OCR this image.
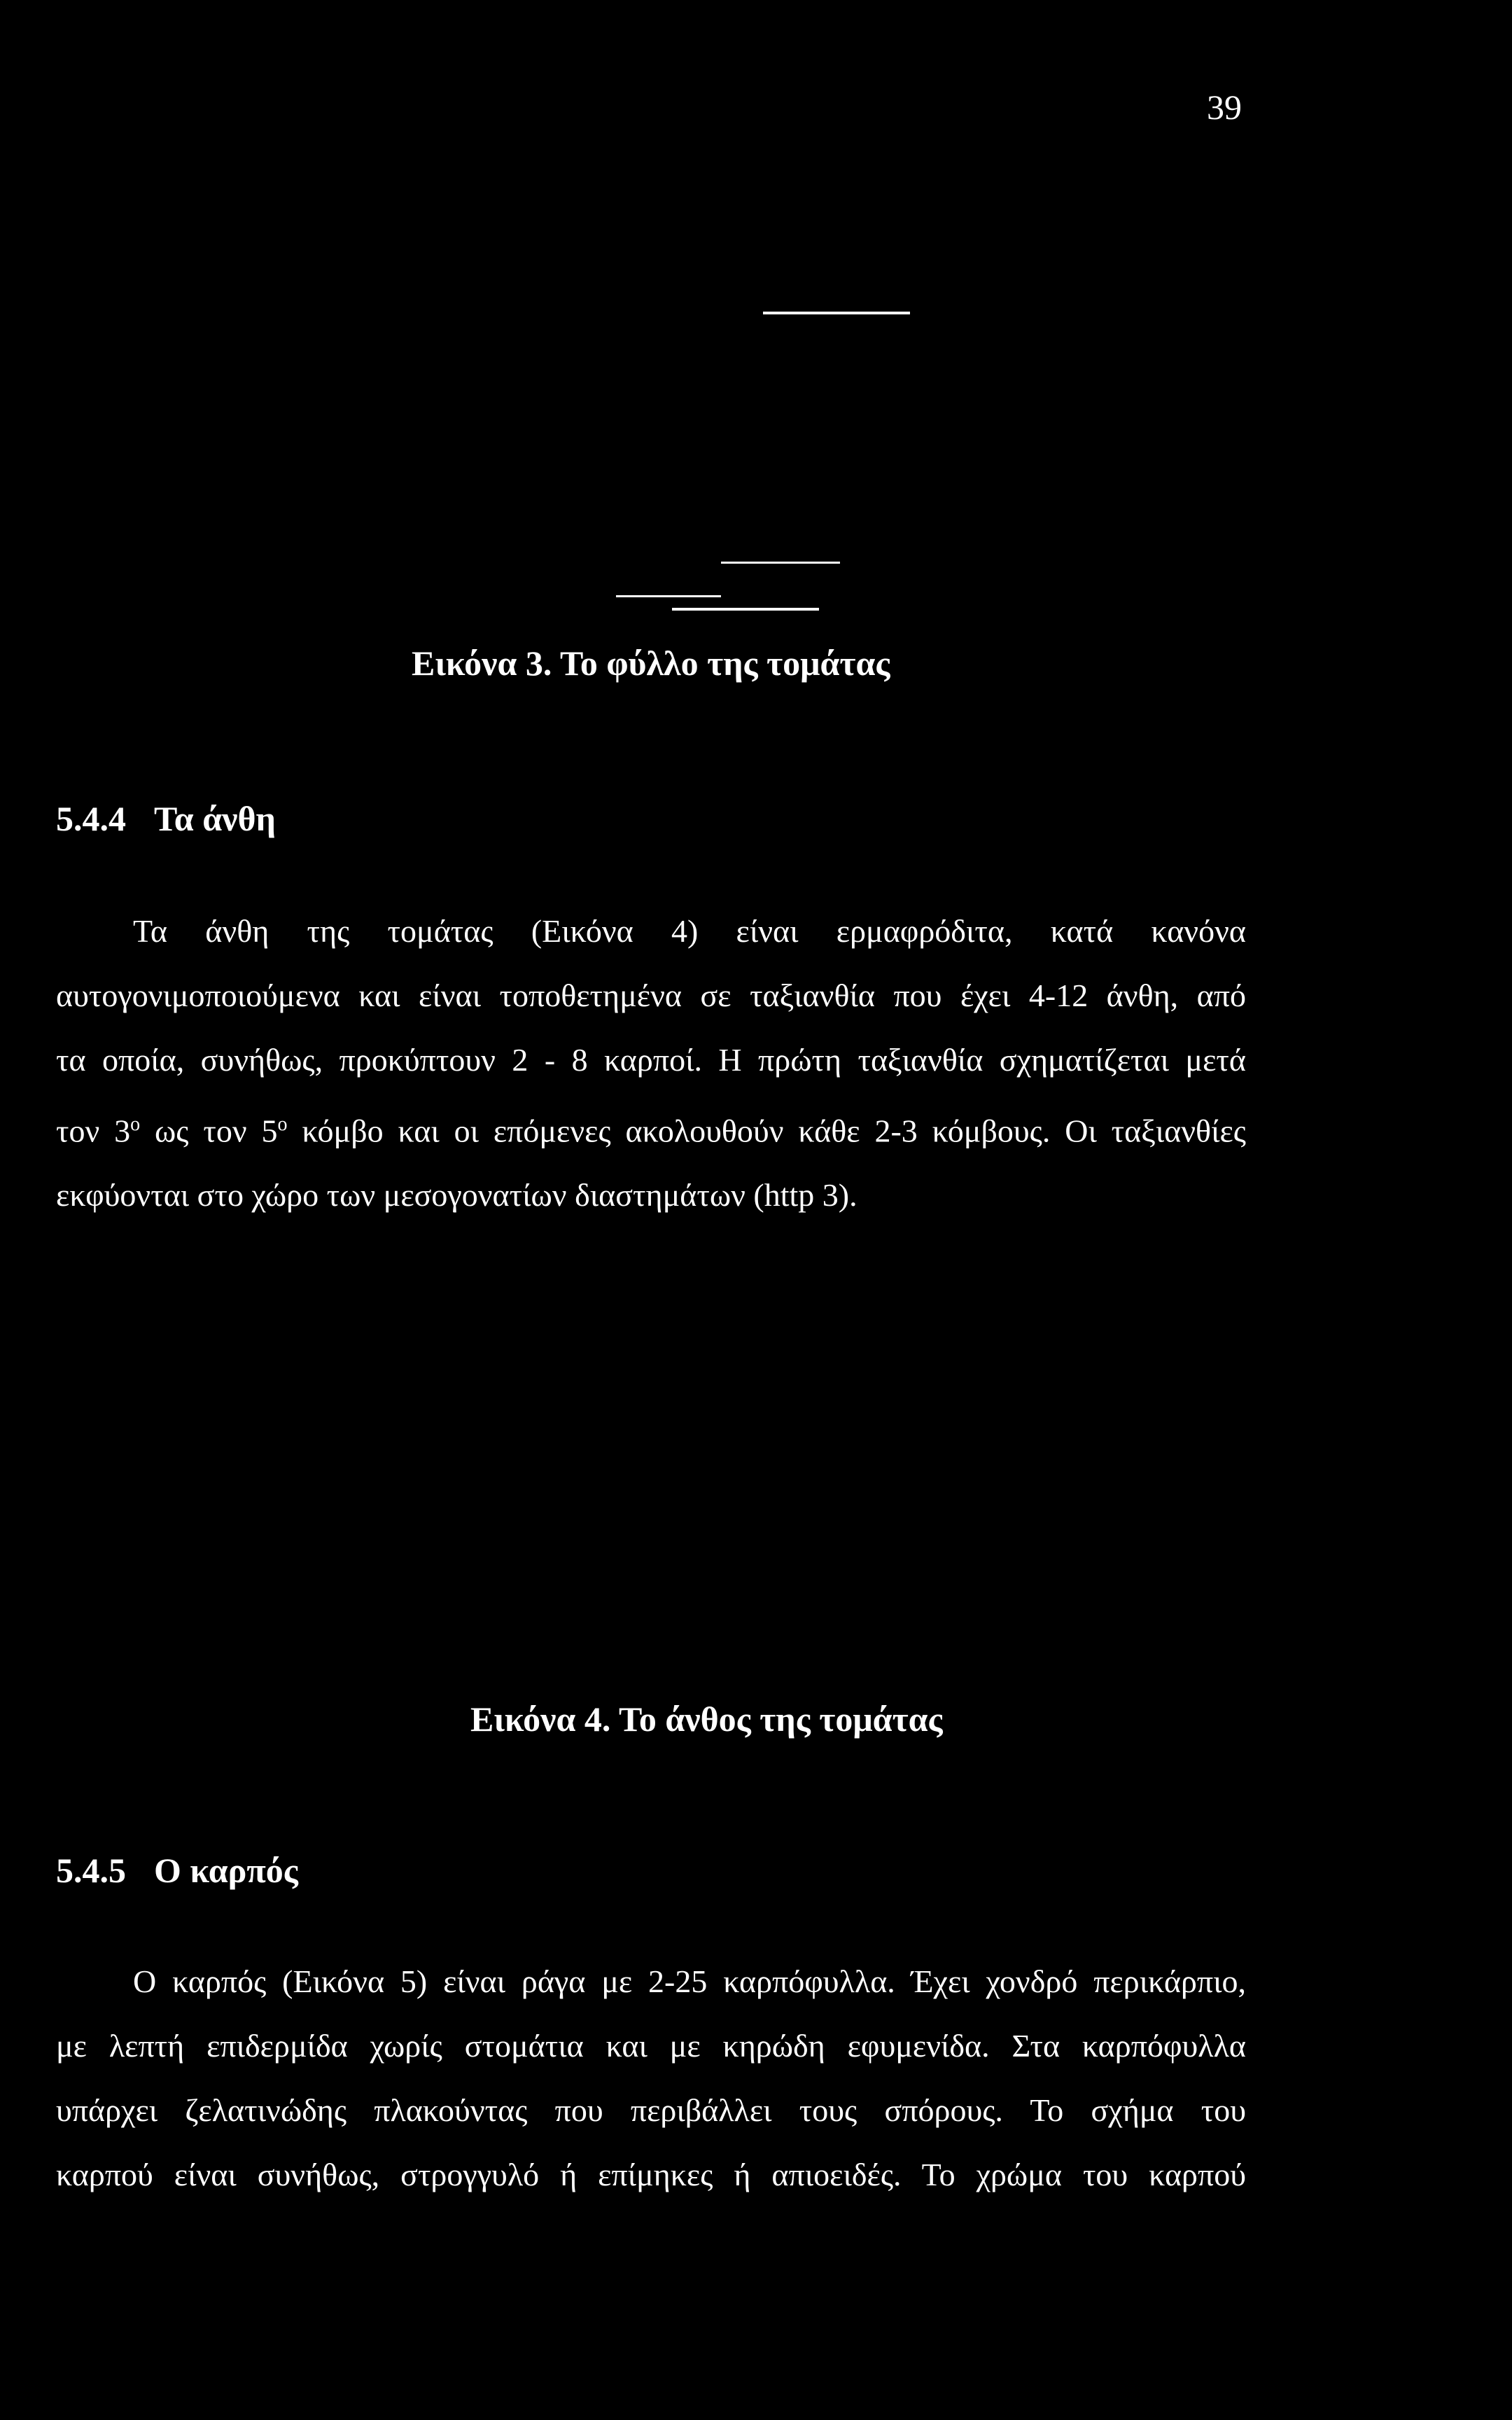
39
Εικόνα 3. Το φύλλο της τομάτας
5.4.4 Τα άνθη
Τα άνθη της τομάτας (Εικόνα 4) είναι ερμαφρόδιτα, κατά κανόνα
αυτογονιμοποιούμενα και είναι τοποθετημένα σε ταξιανθία που έχει 4-12 άνθη, από
τα οποία, συνήθως, προκύπτουν 2 - 8 καρποί. Η πρώτη ταξιανθία σχηματίζεται μετά
τον $3^o$ ως τον $5^o$ κόμβο και οι επόμενες ακολουθούν κάθε 2-3 κόμβους. Οι ταξιανθίες
εκφύονται στο χώρο των μεσογονατίων διαστημάτων (http 3).
Εικόνα 4. Το άνθος της τομάτας
5.4.5 Ο καρπός
Ο καρπός (Εικόνα 5) είναι ράγα με 2-25 καρπόφυλλα. Έχει χονδρό περικάρπιο,
με λεπτή επιδερμίδα χωρίς στομάτια και με κηρώδη εφυμενίδα. Στα καρπόφυλλα
υπάρχει ζελατινώδης πλακούντας που περιβάλλει τους σπόρους. Το σχήμα του
καρπού είναι συνήθως, στρογγυλό ή επίμηκες ή απιοειδές. Το χρώμα του καρπού
